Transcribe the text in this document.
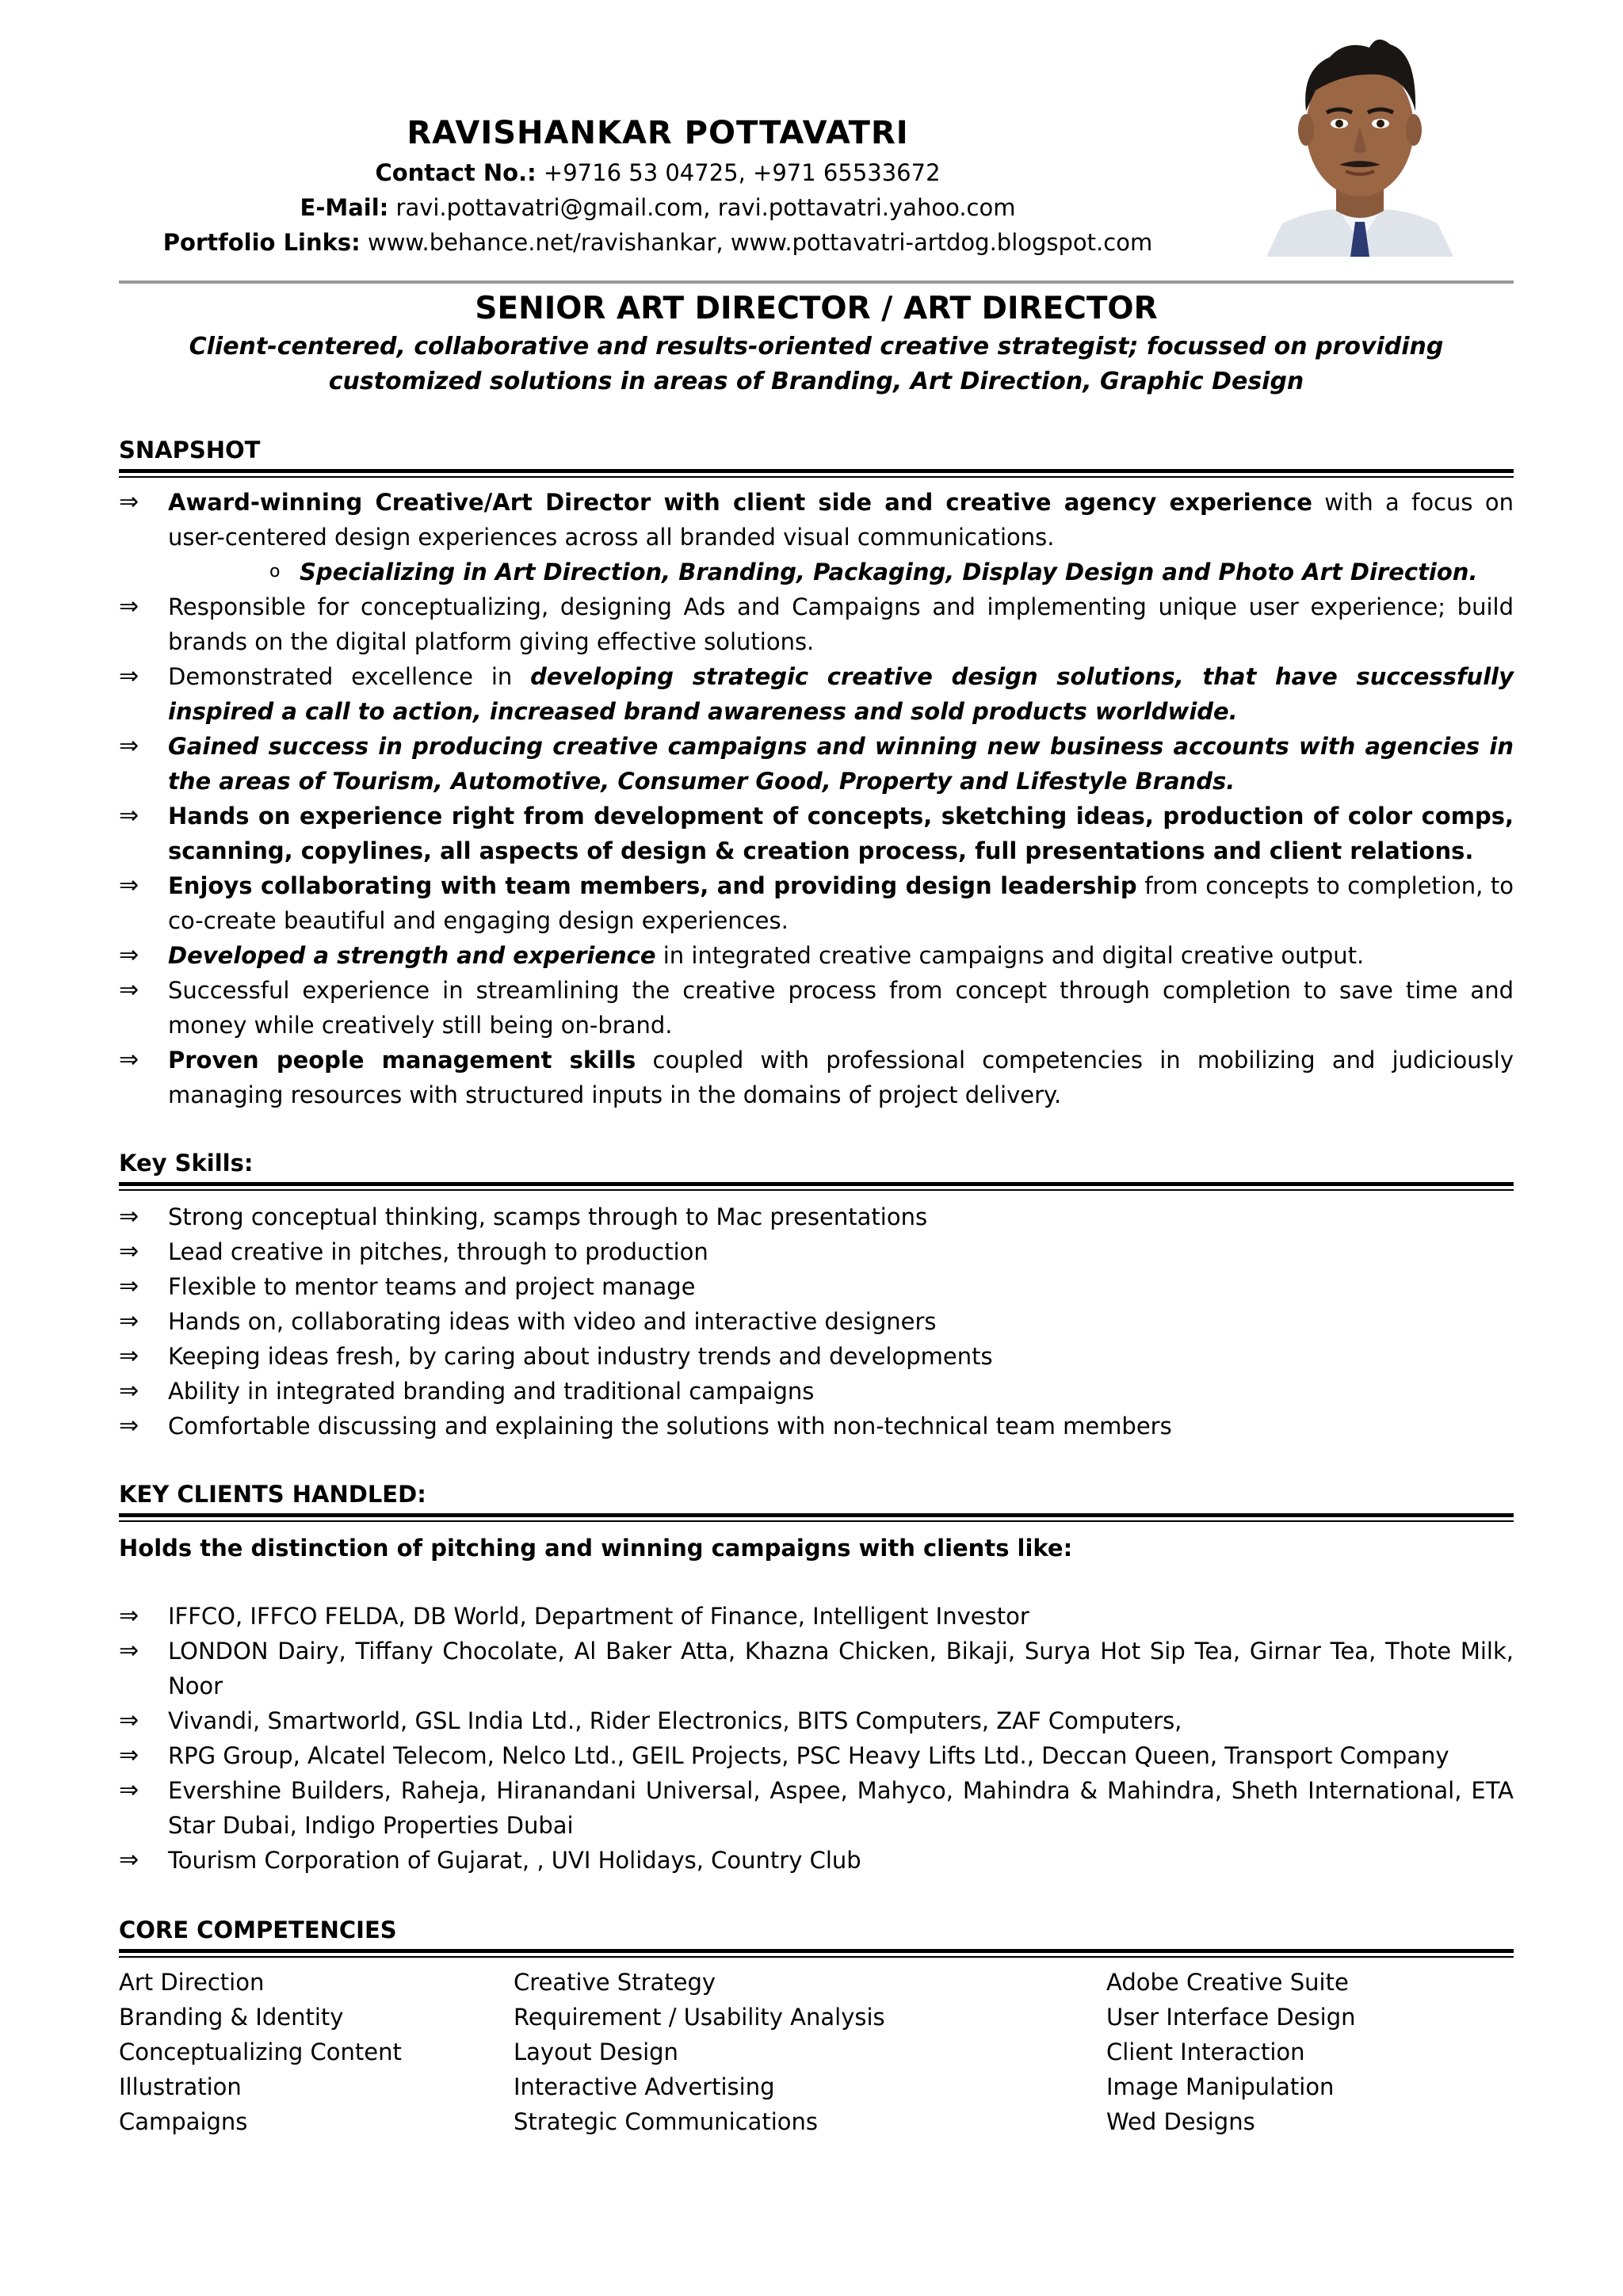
RAVISHANKAR POTTAVATRI
Contact No.: +9716 53 04725, +971 65533672
E-Mail: ravi.pottavatri@gmail.com, ravi.pottavatri.yahoo.com
Portfolio Links: www.behance.net/ravishankar, www.pottavatri-artdog.blogspot.com
SENIOR ART DIRECTOR / ART DIRECTOR
Client-centered, collaborative and results-oriented creative strategist; focussed on providing customized solutions in areas of Branding, Art Direction, Graphic Design
SNAPSHOT
⇒ Award-winning Creative/Art Director with client side and creative agency experience with a focus on user-centered design experiences across all branded visual communications.
o Specializing in Art Direction, Branding, Packaging, Display Design and Photo Art Direction.
⇒ Responsible for conceptualizing, designing Ads and Campaigns and implementing unique user experience; build brands on the digital platform giving effective solutions.
⇒ Demonstrated excellence in developing strategic creative design solutions, that have successfully inspired a call to action, increased brand awareness and sold products worldwide.
⇒ Gained success in producing creative campaigns and winning new business accounts with agencies in the areas of Tourism, Automotive, Consumer Good, Property and Lifestyle Brands.
⇒ Hands on experience right from development of concepts, sketching ideas, production of color comps, scanning, copylines, all aspects of design & creation process, full presentations and client relations.
⇒ Enjoys collaborating with team members, and providing design leadership from concepts to completion, to co-create beautiful and engaging design experiences.
⇒ Developed a strength and experience in integrated creative campaigns and digital creative output.
⇒ Successful experience in streamlining the creative process from concept through completion to save time and money while creatively still being on-brand.
⇒ Proven people management skills coupled with professional competencies in mobilizing and judiciously managing resources with structured inputs in the domains of project delivery.
Key Skills:
⇒ Strong conceptual thinking, scamps through to Mac presentations
⇒ Lead creative in pitches, through to production
⇒ Flexible to mentor teams and project manage
⇒ Hands on, collaborating ideas with video and interactive designers
⇒ Keeping ideas fresh, by caring about industry trends and developments
⇒ Ability in integrated branding and traditional campaigns
⇒ Comfortable discussing and explaining the solutions with non-technical team members
KEY CLIENTS HANDLED:
Holds the distinction of pitching and winning campaigns with clients like:
⇒ IFFCO, IFFCO FELDA, DB World, Department of Finance, Intelligent Investor
⇒ LONDON Dairy, Tiffany Chocolate, Al Baker Atta, Khazna Chicken, Bikaji, Surya Hot Sip Tea, Girnar Tea, Thote Milk, Noor
⇒ Vivandi, Smartworld, GSL India Ltd., Rider Electronics, BITS Computers, ZAF Computers,
⇒ RPG Group, Alcatel Telecom, Nelco Ltd., GEIL Projects, PSC Heavy Lifts Ltd., Deccan Queen, Transport Company
⇒ Evershine Builders, Raheja, Hiranandani Universal, Aspee, Mahyco, Mahindra & Mahindra, Sheth International, ETA Star Dubai, Indigo Properties Dubai
⇒ Tourism Corporation of Gujarat, , UVI Holidays, Country Club
CORE COMPETENCIES
Art Direction
Branding & Identity
Conceptualizing Content
Illustration
Campaigns
Creative Strategy
Requirement / Usability Analysis
Layout Design
Interactive Advertising
Strategic Communications
Adobe Creative Suite
User Interface Design
Client Interaction
Image Manipulation
Wed Designs
